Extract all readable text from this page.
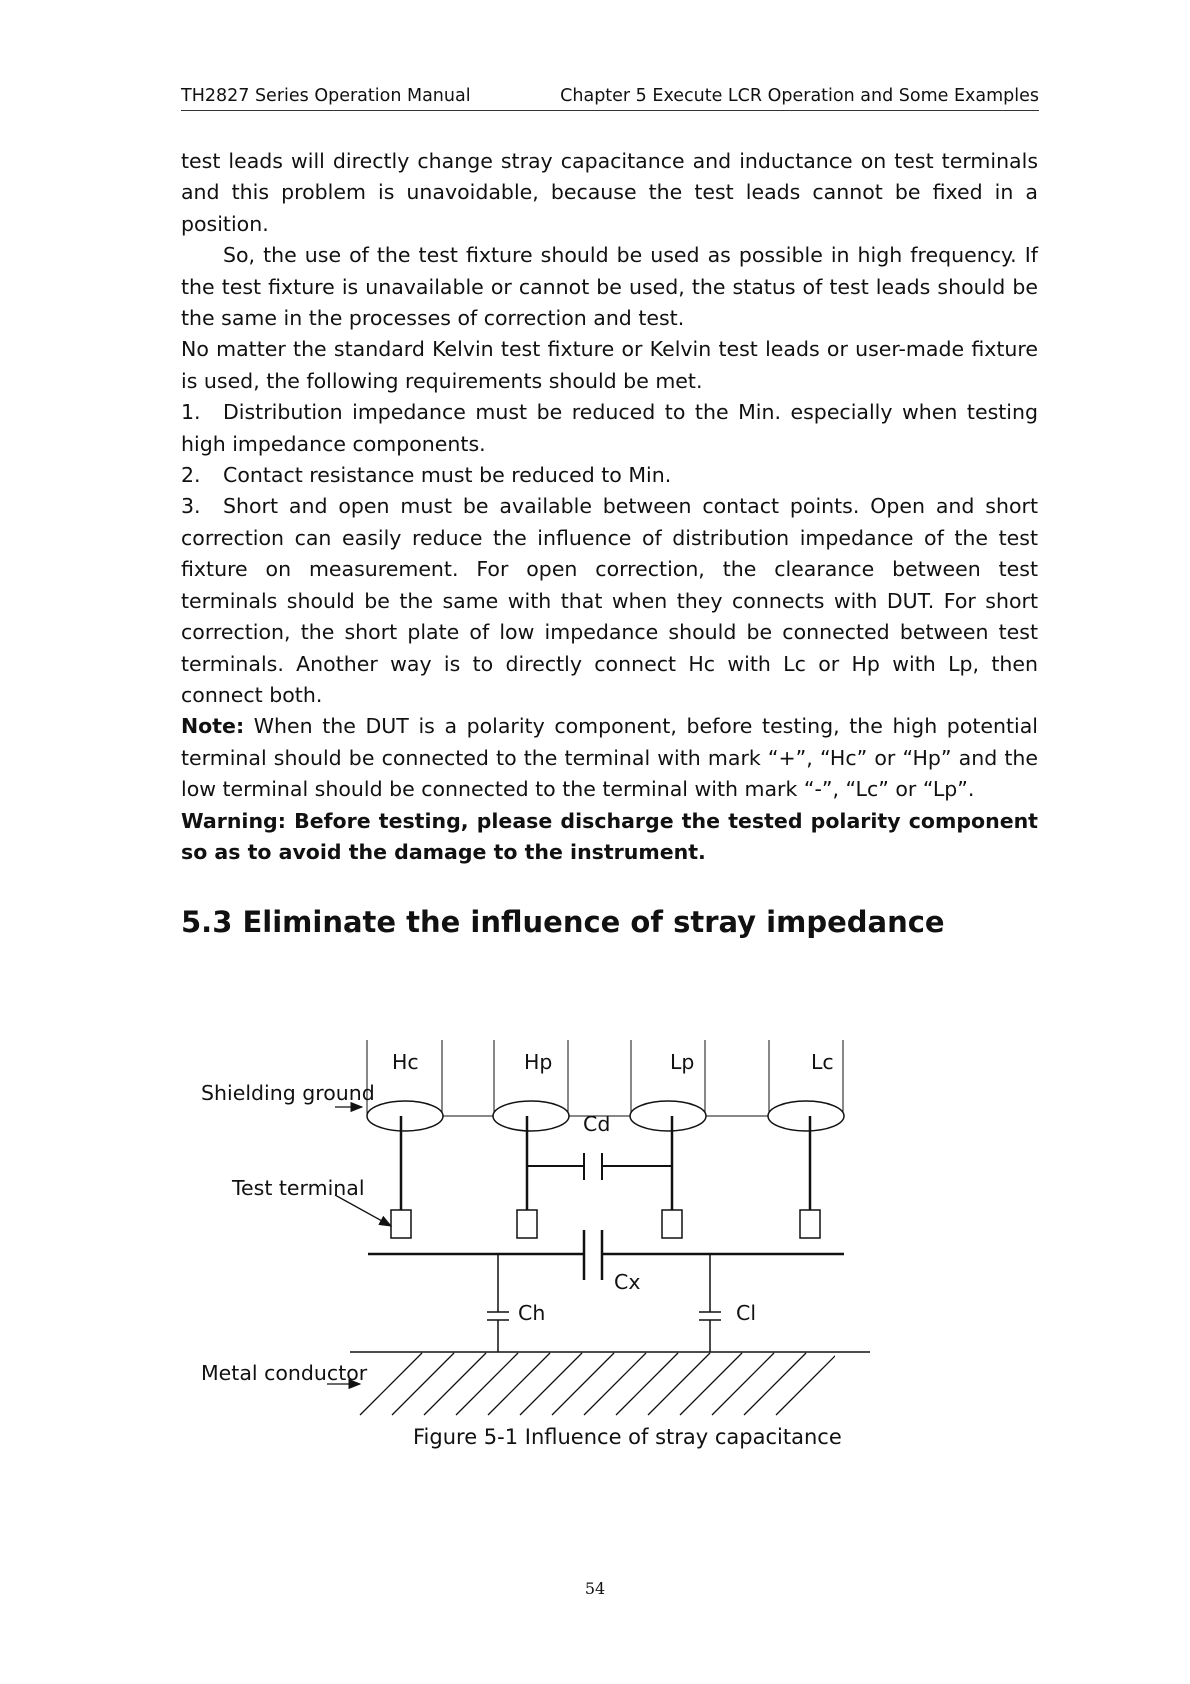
TH2827 Series Operation Manual	Chapter 5 Execute LCR Operation and Some Examples

test leads will directly change stray capacitance and inductance on test terminals and this problem is unavoidable, because the test leads cannot be fixed in a position.

So, the use of the test fixture should be used as possible in high frequency. If the test fixture is unavailable or cannot be used, the status of test leads should be the same in the processes of correction and test.

No matter the standard Kelvin test fixture or Kelvin test leads or user-made fixture is used, the following requirements should be met.

1. Distribution impedance must be reduced to the Min. especially when testing high impedance components.

2. Contact resistance must be reduced to Min.

3. Short and open must be available between contact points. Open and short correction can easily reduce the influence of distribution impedance of the test fixture on measurement. For open correction, the clearance between test terminals should be the same with that when they connects with DUT. For short correction, the short plate of low impedance should be connected between test terminals. Another way is to directly connect Hc with Lc or Hp with Lp, then connect both.

Note: When the DUT is a polarity component, before testing, the high potential terminal should be connected to the terminal with mark “+”, “Hc” or “Hp” and the low terminal should be connected to the terminal with mark “-”, “Lc” or “Lp”.

Warning: Before testing, please discharge the tested polarity component so as to avoid the damage to the instrument.

5.3 Eliminate the influence of stray impedance
Hc	Hp	Lp	Lc
Cd
Cx
Ch	Cl
Shielding ground
Test terminal
Metal conductor
Figure 5-1 Influence of stray capacitance
54
